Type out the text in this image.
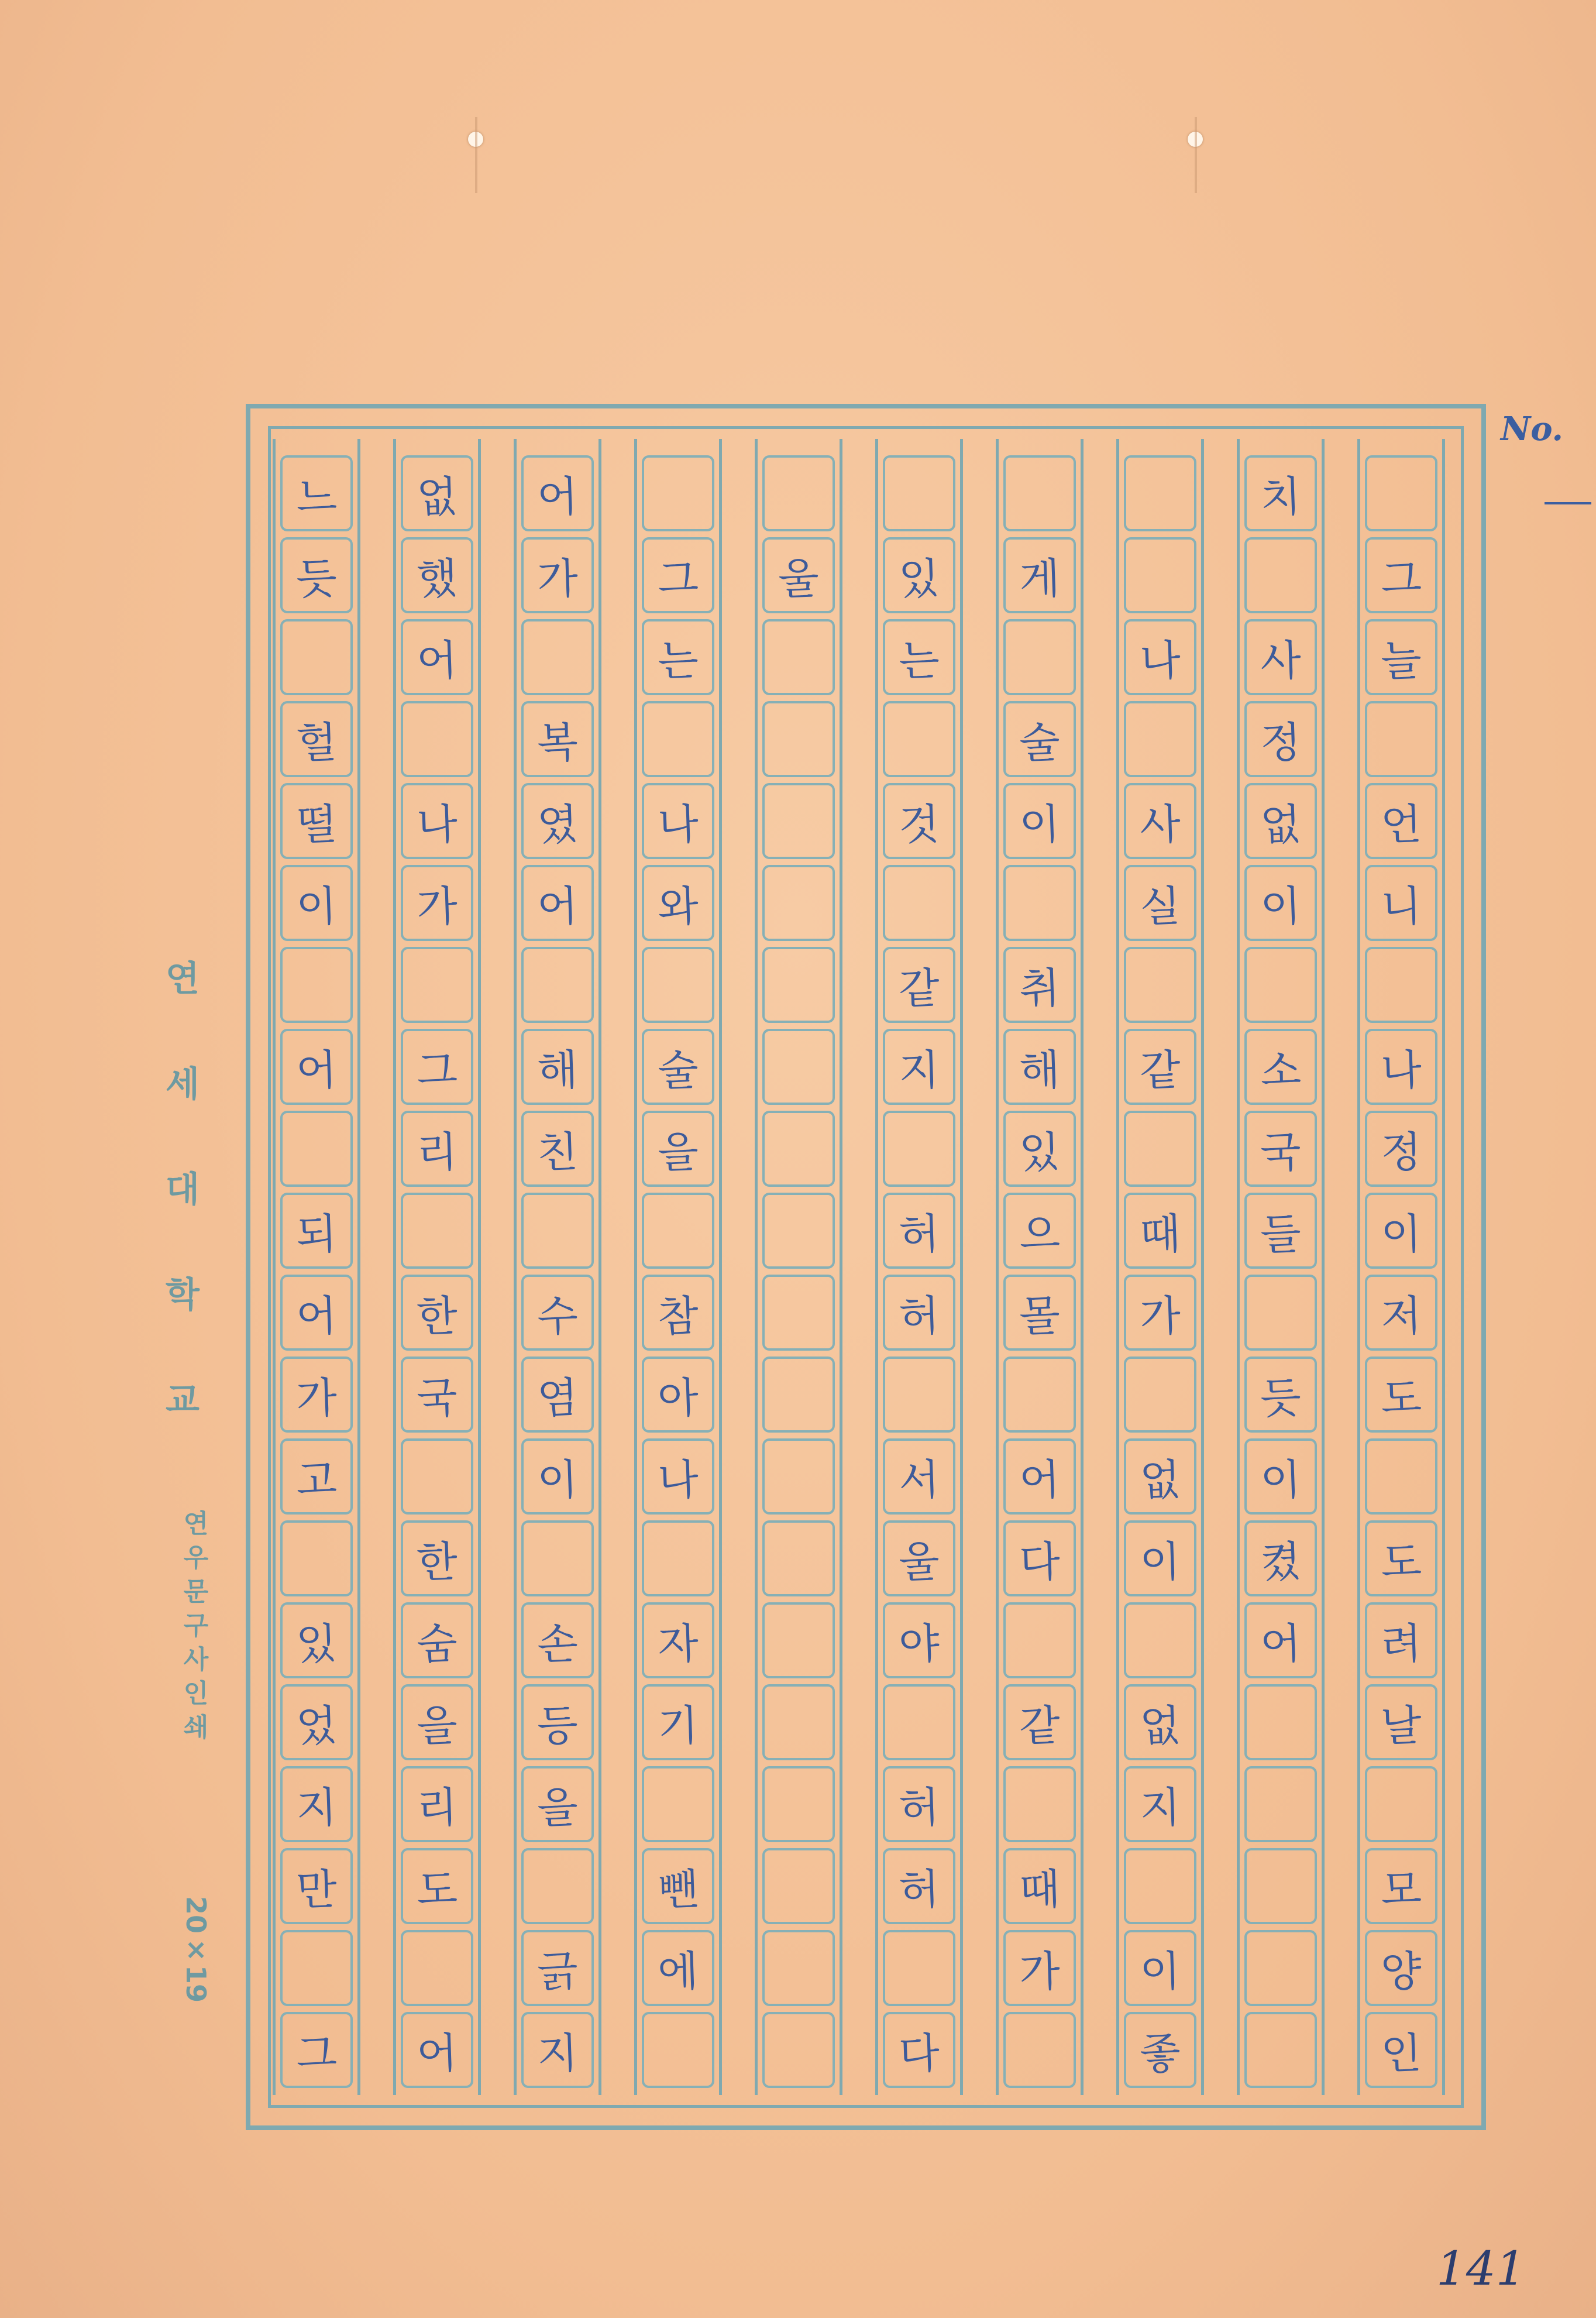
No.
연세대학교
연우문구사인쇄
20×19
그
늘
언
니
나
정
이
저
도
도
려
날
모
양
인
치
사
정
없
이
소
국
들
듯
이
켰
어
나
사
실
같
때
가
없
이
없
지
이
좋
게
술
이
취
해
있
으
몰
어
다
같
때
가
있
는
것
같
지
허
허
서
울
야
허
허
다
울
그
는
나
와
술
을
참
아
나
자
기
뺀
에
어
가
복
였
어
해
친
수
염
이
손
등
을
긁
지
없
했
어
나
가
그
리
한
국
한
숨
을
리
도
어
느
듯
헐
떨
이
어
되
어
가
고
있
었
지
만
그
141
